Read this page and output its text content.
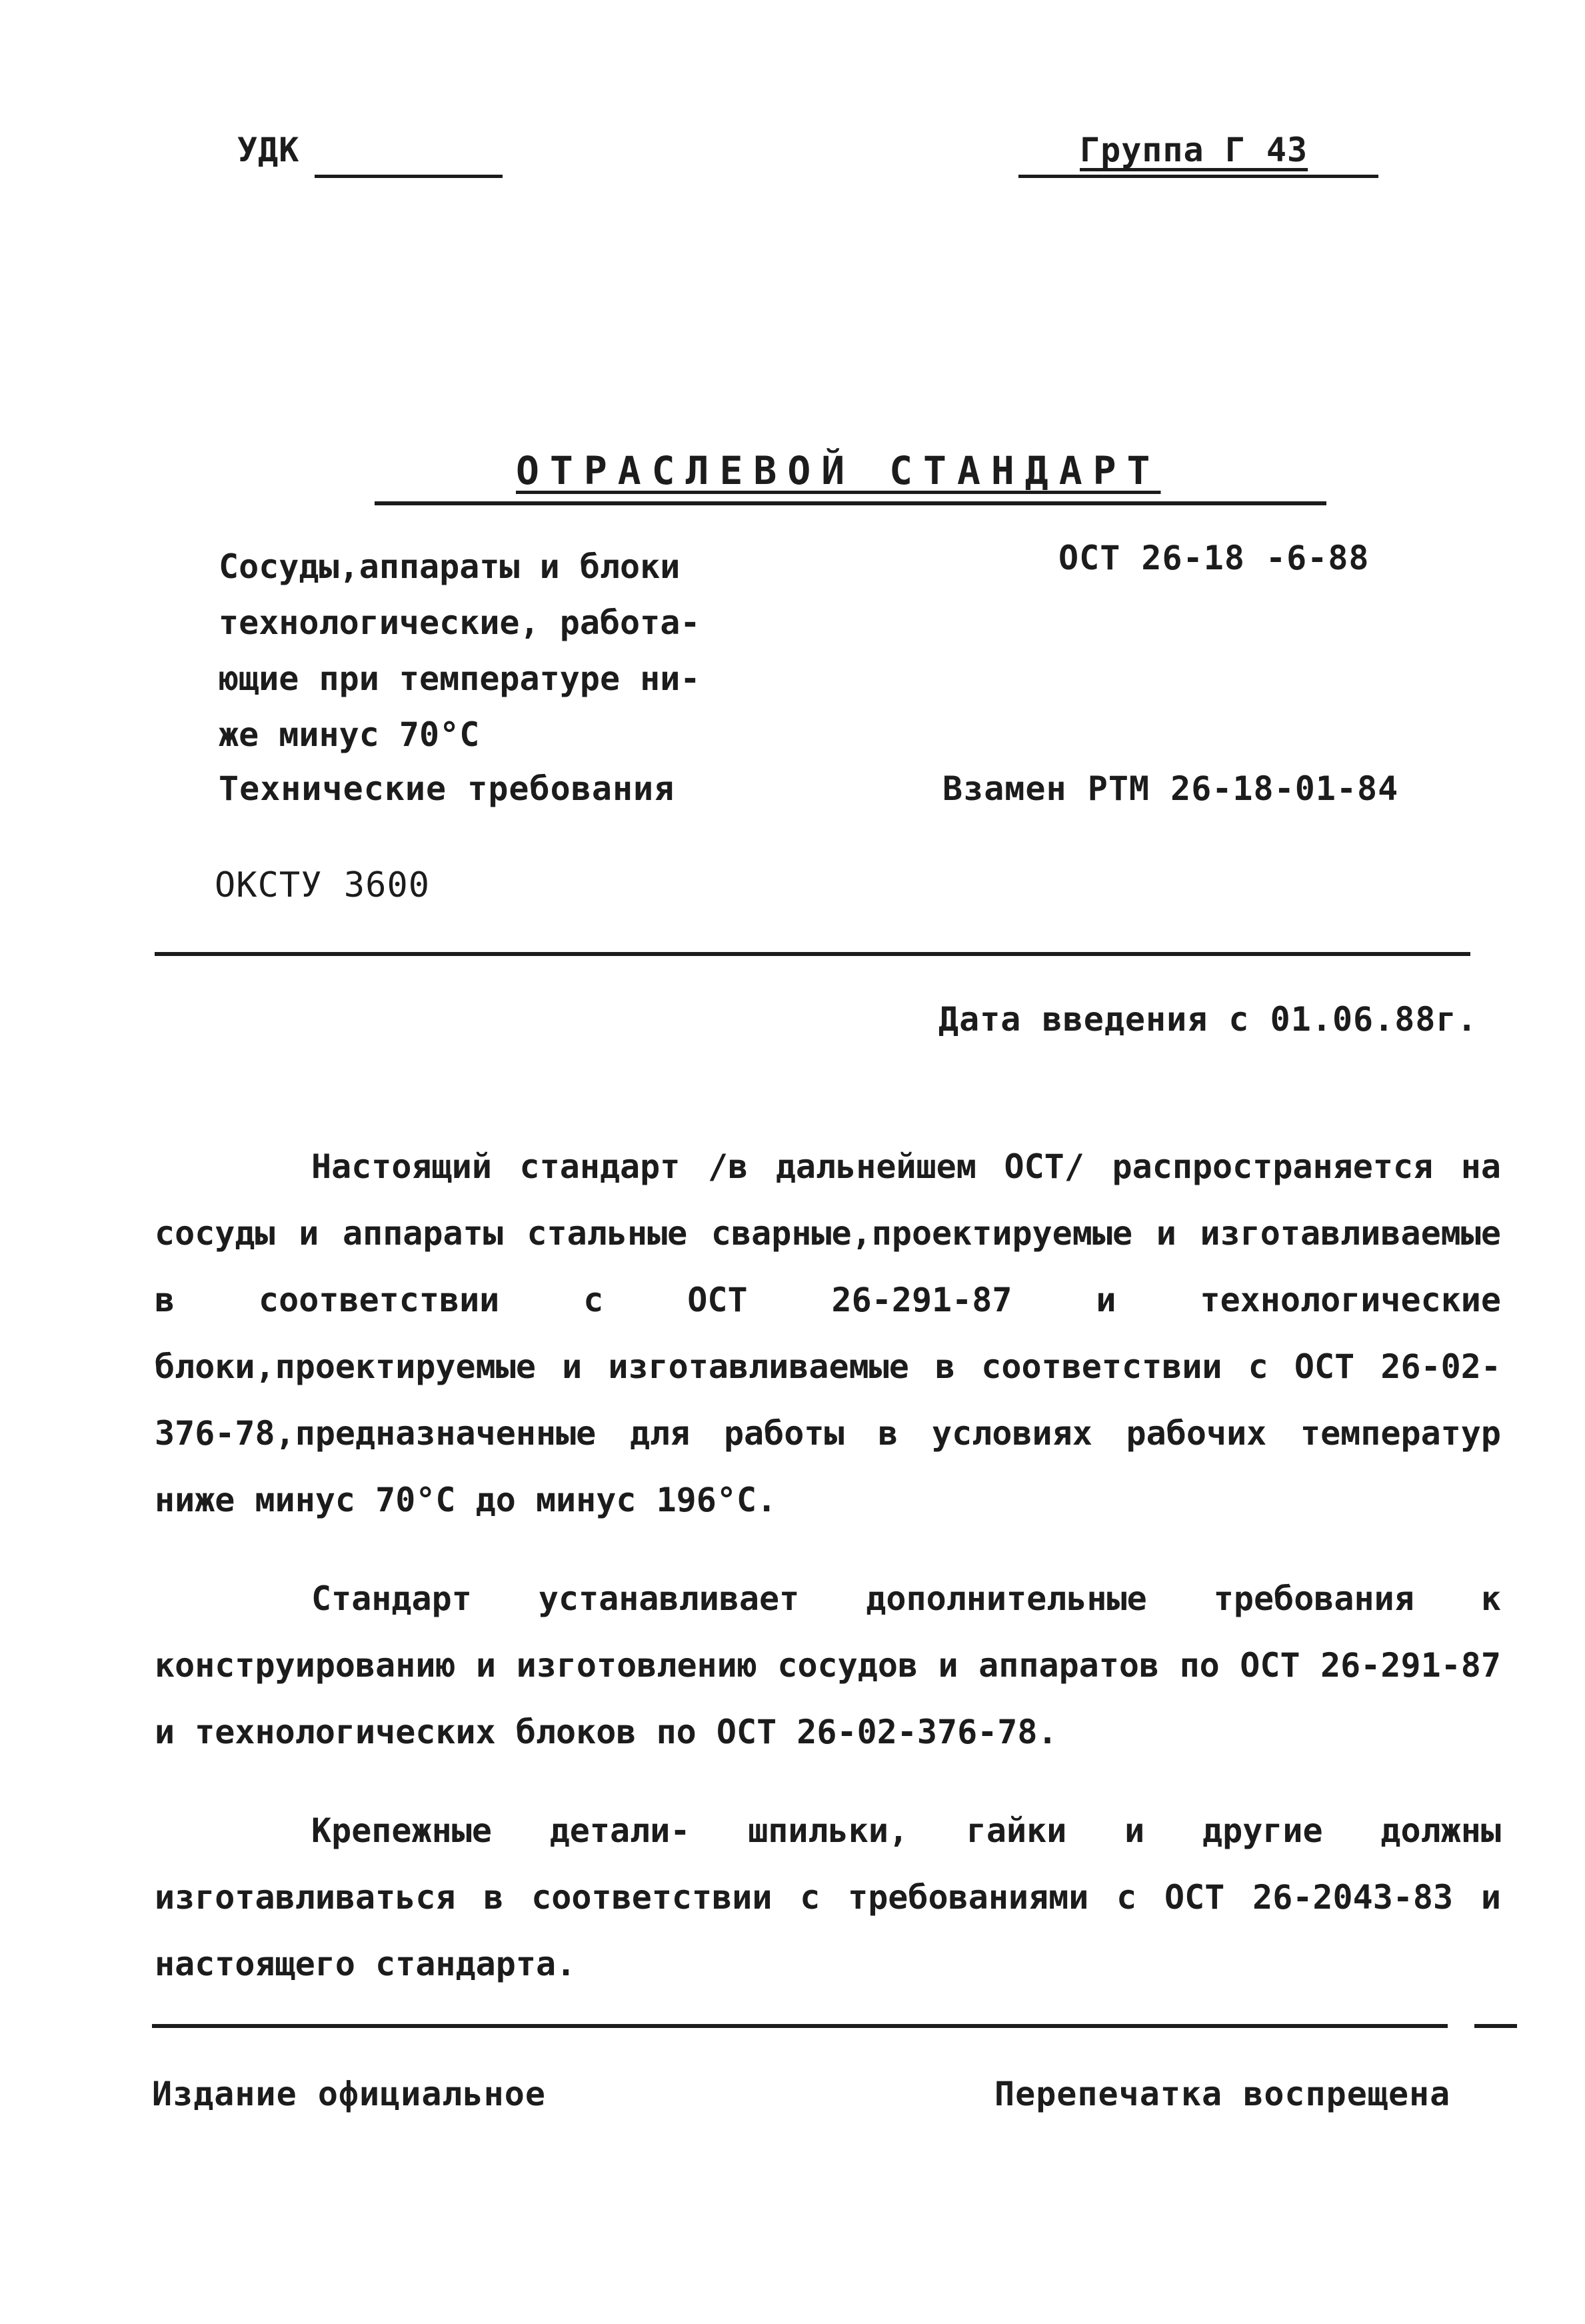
УДК	Группа Г 43
ОТРАСЛЕВОЙ СТАНДАРТ
Сосуды,аппараты и блоки
технологические, работа-
ющие при температуре ни-
же минус 70°С
ОСТ 26-18 -6-88
Технические требования	Взамен РТМ 26-18-01-84
ОКСТУ 3600
Дата введения с 01.06.88г.

Настоящий стандарт /в дальнейшем ОСТ/ распространяется на сосуды и аппараты стальные сварные,проектируемые и изготавливаемые в соответствии с ОСТ 26-291-87 и технологические блоки,проектируемые и изготавливаемые в соответствии с ОСТ 26-02-376-78,предназначенные для работы в условиях рабочих температур ниже минус 70°С до минус 196°С.

Стандарт устанавливает дополнительные требования к конструированию и изготовлению сосудов и аппаратов по ОСТ 26-291-87 и технологических блоков по ОСТ 26-02-376-78.

Крепежные детали- шпильки, гайки и другие должны изготавливаться в соответствии с требованиями с ОСТ 26-2043-83 и настоящего стандарта.

Издание официальное	Перепечатка воспрещена
